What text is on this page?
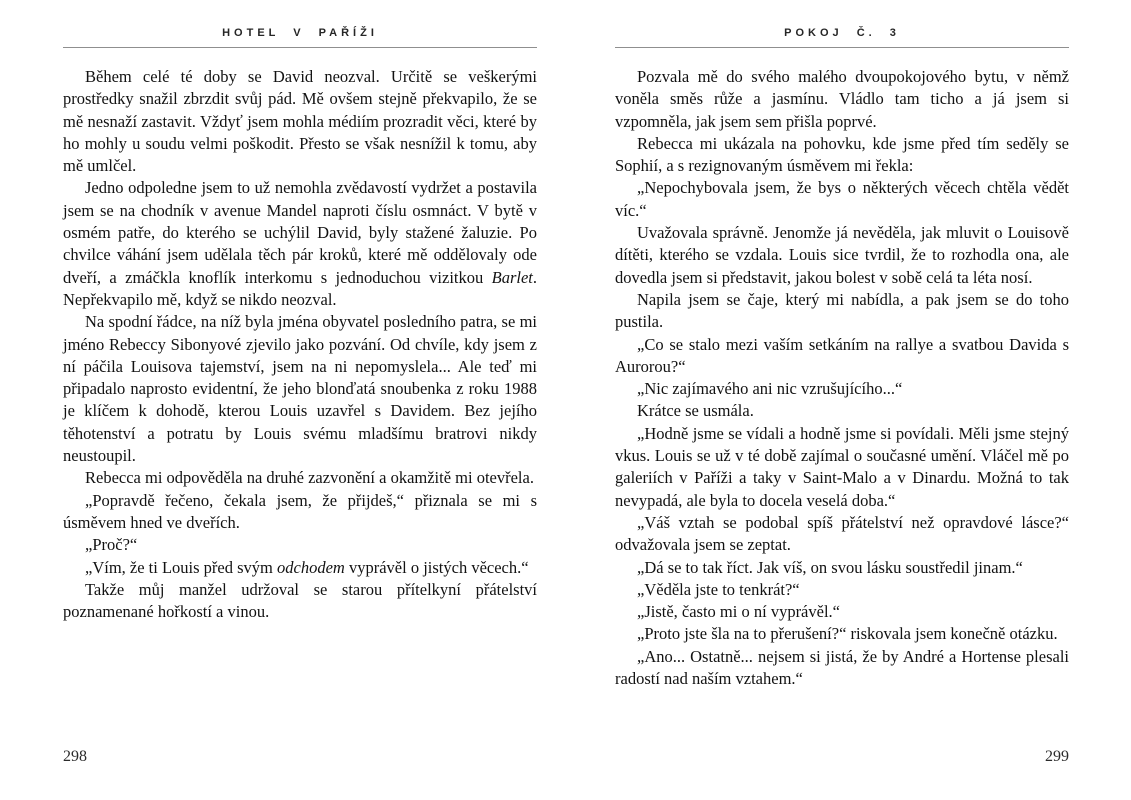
HOTEL V PAŘÍŽI

Během celé té doby se David neozval. Určitě se veškerými prostředky snažil zbrzdit svůj pád. Mě ovšem stejně překvapilo, že se mě nesnaží zastavit. Vždyť jsem mohla médiím prozradit věci, které by ho mohly u soudu velmi poškodit. Přesto se však nesnížil k tomu, aby mě umlčel.

Jedno odpoledne jsem to už nemohla zvědavostí vydržet a postavila jsem se na chodník v avenue Mandel naproti číslu osmnáct. V bytě v osmém patře, do kterého se uchýlil David, byly stažené žaluzie. Po chvilce váhání jsem udělala těch pár kroků, které mě oddělovaly ode dveří, a zmáčkla knoflík interkomu s jednoduchou vizitkou Barlet. Nepřekvapilo mě, když se nikdo neozval.

Na spodní řádce, na níž byla jména obyvatel posledního patra, se mi jméno Rebeccy Sibonyové zjevilo jako pozvání. Od chvíle, kdy jsem z ní páčila Louisova tajemství, jsem na ni nepomyslela... Ale teď mi připadalo naprosto evidentní, že jeho blonďatá snoubenka z roku 1988 je klíčem k dohodě, kterou Louis uzavřel s Davidem. Bez jejího těhotenství a potratu by Louis svému mladšímu bratrovi nikdy neustoupil.

Rebecca mi odpověděla na druhé zazvonění a okamžitě mi otevřela.

„Popravdě řečeno, čekala jsem, že přijdeš,“ přiznala se mi s úsměvem hned ve dveřích.

„Proč?“

„Vím, že ti Louis před svým odchodem vyprávěl o jistých věcech.“

Takže můj manžel udržoval se starou přítelkyní přátelství poznamenané hořkostí a vinou.

298
POKOJ Č. 3

Pozvala mě do svého malého dvoupokojového bytu, v němž voněla směs růže a jasmínu. Vládlo tam ticho a já jsem si vzpomněla, jak jsem sem přišla poprvé.

Rebecca mi ukázala na pohovku, kde jsme před tím seděly se Sophií, a s rezignovaným úsměvem mi řekla:

„Nepochybovala jsem, že bys o některých věcech chtěla vědět víc.“

Uvažovala správně. Jenomže já nevěděla, jak mluvit o Louisově dítěti, kterého se vzdala. Louis sice tvrdil, že to rozhodla ona, ale dovedla jsem si představit, jakou bolest v sobě celá ta léta nosí.

Napila jsem se čaje, který mi nabídla, a pak jsem se do toho pustila.

„Co se stalo mezi vaším setkáním na rallye a svatbou Davida s Aurorou?“

„Nic zajímavého ani nic vzrušujícího...“

Krátce se usmála.

„Hodně jsme se vídali a hodně jsme si povídali. Měli jsme stejný vkus. Louis se už v té době zajímal o současné umění. Vláčel mě po galeriích v Paříži a taky v Saint-Malo a v Dinardu. Možná to tak nevypadá, ale byla to docela veselá doba.“

„Váš vztah se podobal spíš přátelství než opravdové lásce?“ odvažovala jsem se zeptat.

„Dá se to tak říct. Jak víš, on svou lásku soustředil jinam.“

„Věděla jste to tenkrát?“

„Jistě, často mi o ní vyprávěl.“

„Proto jste šla na to přerušení?“ riskovala jsem konečně otázku.

„Ano... Ostatně... nejsem si jistá, že by André a Hortense plesali radostí nad naším vztahem.“

299
